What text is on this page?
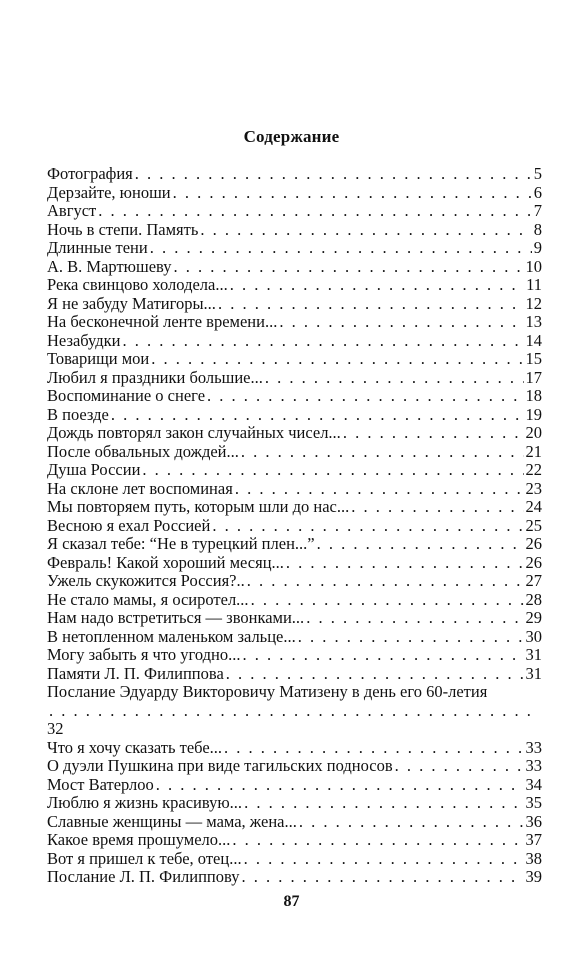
Содержание
Фотография . . .	5
Дерзайте, юноши . . .	6
Август . . .	7
Ночь в степи. Память . . .	8
Длинные тени . . .	9
А. В. Мартюшеву . . .	10
Река свинцово холодела... . . .	11
Я не забуду Матигоры... . . .	12
На бесконечной ленте времени... . . .	13
Незабудки . . .	14
Товарищи мои . . .	15
Любил я праздники большие... . . .	17
Воспоминание о снеге . . .	18
В поезде . . .	19
Дождь повторял закон случайных чисел... . . .	20
После обвальных дождей... . . .	21
Душа России . . .	22
На склоне лет воспоминая . . .	23
Мы повторяем путь, которым шли до нас... . . .	24
Весною я ехал Россией . . .	25
Я сказал тебе: “Не в турецкий плен...” . . .	26
Февраль! Какой хороший месяц... . . .	26
Ужель скукожится Россия?.. . . .	27
Не стало мамы, я осиротел... . . .	28
Нам надо встретиться — звонками... . . .	29
В нетопленном маленьком зальце... . . .	30
Могу забыть я что угодно... . . .	31
Памяти Л. П. Филиппова . . .	31
Послание Эдуарду Викторовичу Матизену в день его 60-летия
. . .
32
Что я хочу сказать тебе... . . .	33
О дуэли Пушкина при виде тагильских подносов . . .	33
Мост Ватерлоо . . .	34
Люблю я жизнь красивую... . . .	35
Славные женщины — мама, жена... . . .	36
Какое время прошумело... . . .	37
Вот я пришел к тебе, отец... . . .	38
Послание Л. П. Филиппову . . .	39
87
